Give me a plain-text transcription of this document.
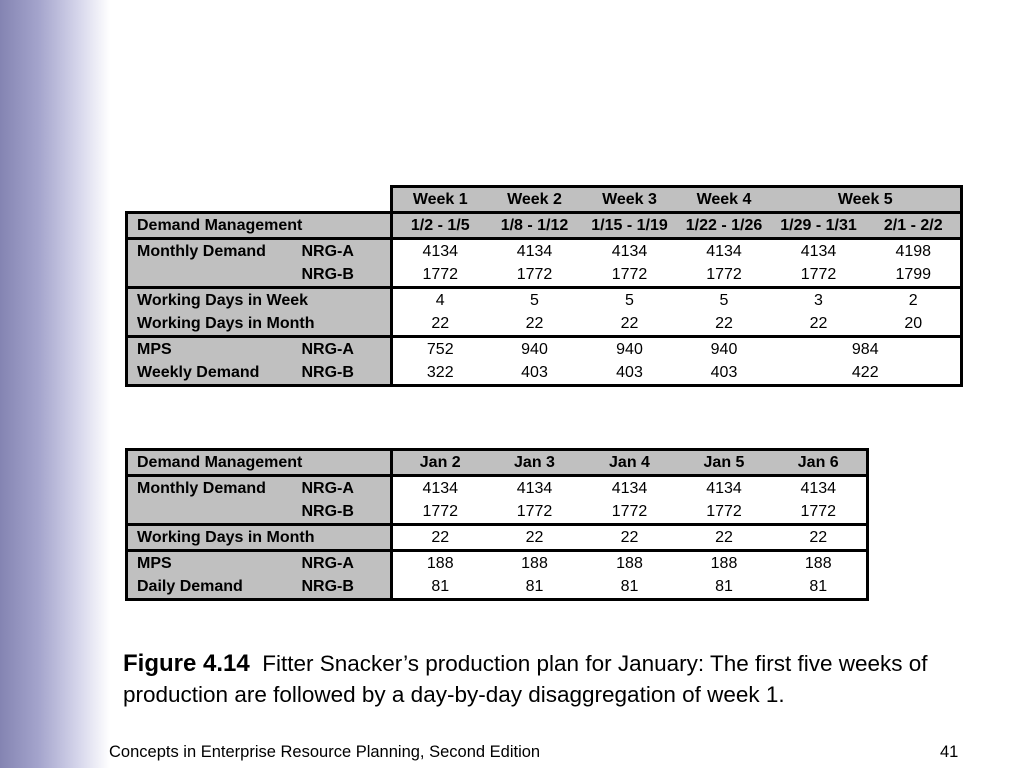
		Week 1	Week 2	Week 3	Week 4	Week 5	
Demand Management		1/2 - 1/5	1/8 - 1/12	1/15 - 1/19	1/22 - 1/26	1/29 - 1/31	2/1 - 2/2
Monthly Demand	NRG-A	4134	4134	4134	4134	4134	4198
	NRG-B	1772	1772	1772	1772	1772	1799
Working Days in Week		4	5	5	5	3	2
Working Days in Month		22	22	22	22	22	20
MPS	NRG-A	752	940	940	940	984	
Weekly Demand	NRG-B	322	403	403	403	422	
Demand Management		Jan 2	Jan 3	Jan 4	Jan 5	Jan 6
Monthly Demand	NRG-A	4134	4134	4134	4134	4134
	NRG-B	1772	1772	1772	1772	1772
Working Days in Month		22	22	22	22	22
MPS	NRG-A	188	188	188	188	188
Daily Demand	NRG-B	81	81	81	81	81
Figure 4.14 Fitter Snacker’s production plan for January: The first five weeks of production are followed by a day-by-day disaggregation of week 1.
Concepts in Enterprise Resource Planning, Second Edition	41
